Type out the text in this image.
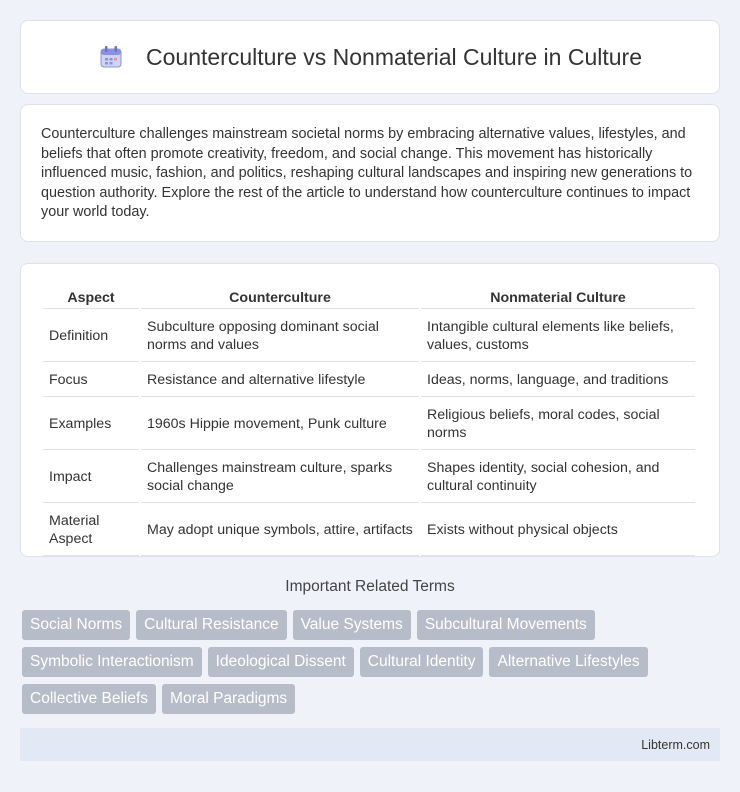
Counterculture vs Nonmaterial Culture in Culture

Counterculture challenges mainstream societal norms by embracing alternative values, lifestyles, and beliefs that often promote creativity, freedom, and social change. This movement has historically influenced music, fashion, and politics, reshaping cultural landscapes and inspiring new generations to question authority. Explore the rest of the article to understand how counterculture continues to impact your world today.

Aspect	Counterculture	Nonmaterial Culture
Definition	Subculture opposing dominant social norms and values	Intangible cultural elements like beliefs, values, customs
Focus	Resistance and alternative lifestyle	Ideas, norms, language, and traditions
Examples	1960s Hippie movement, Punk culture	Religious beliefs, moral codes, social norms
Impact	Challenges mainstream culture, sparks social change	Shapes identity, social cohesion, and cultural continuity
Material Aspect	May adopt unique symbols, attire, artifacts	Exists without physical objects
Important Related Terms
Social Norms	Cultural Resistance	Value Systems	Subcultural Movements
Symbolic Interactionism	Ideological Dissent	Cultural Identity	Alternative Lifestyles
Collective Beliefs	Moral Paradigms
Libterm.com
